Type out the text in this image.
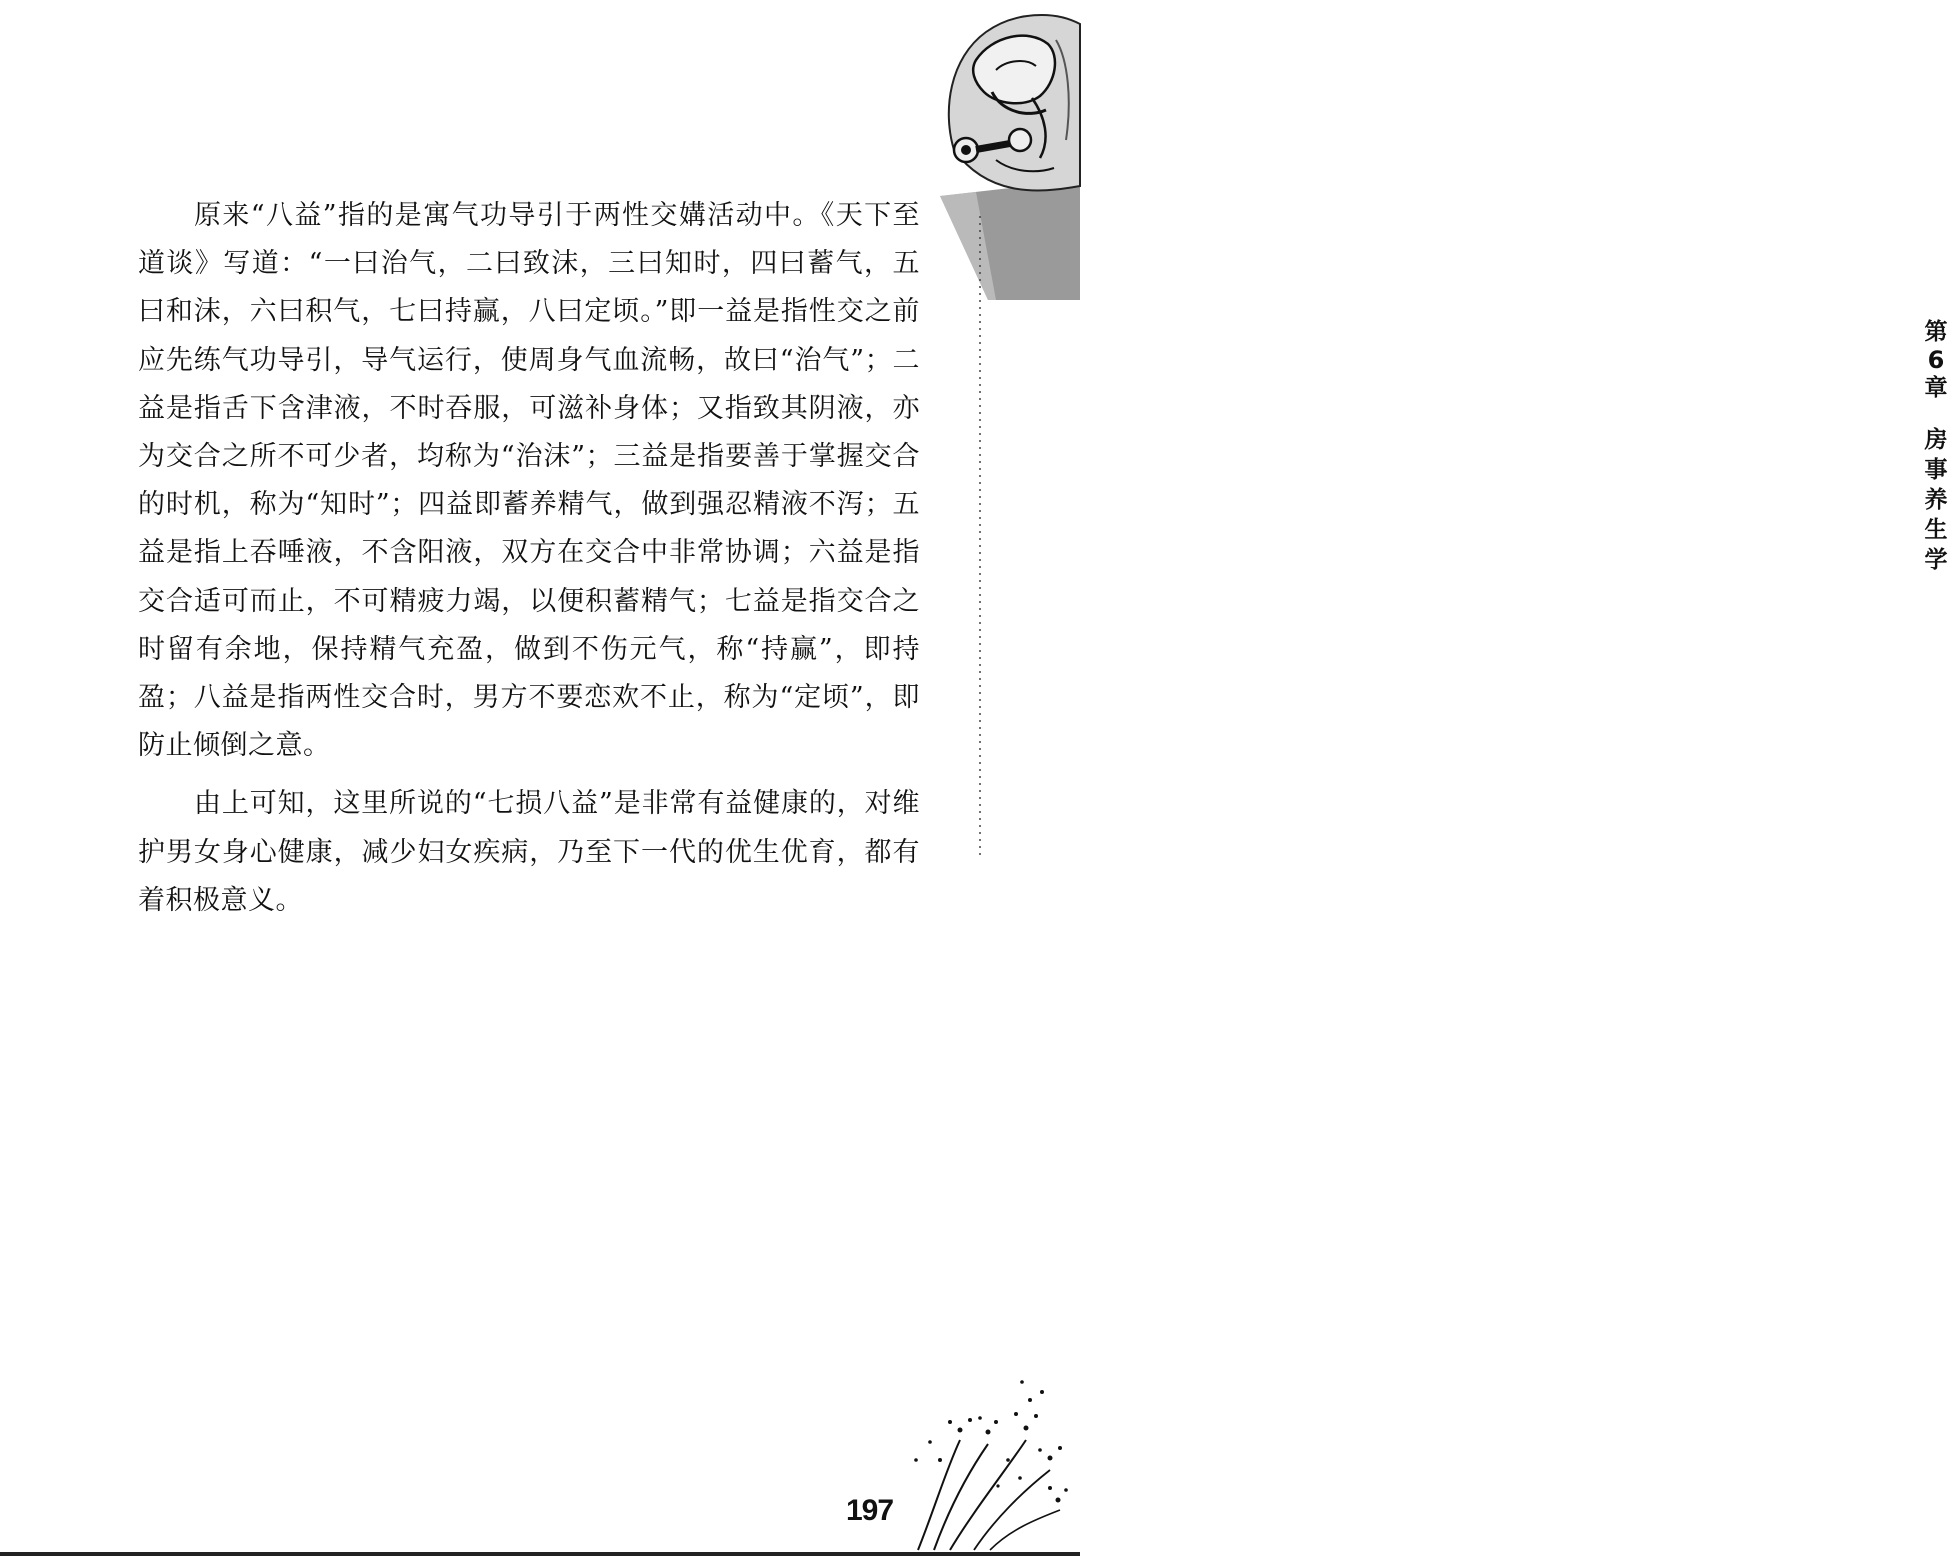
第
6
章
房
事
养
生
学

原来“八益”指的是寓气功导引于两性交媾活动中。《天下至道谈》写道：“一曰治气，二曰致沫，三曰知时，四曰蓄气，五曰和沫，六曰积气，七曰持赢，八曰定顷。”即一益是指性交之前应先练气功导引，导气运行，使周身气血流畅，故曰“治气”；二益是指舌下含津液，不时吞服，可滋补身体；又指致其阴液，亦为交合之所不可少者，均称为“治沫”；三益是指要善于掌握交合的时机，称为“知时”；四益即蓄养精气，做到强忍精液不泻；五益是指上吞唾液，不含阳液，双方在交合中非常协调；六益是指交合适可而止，不可精疲力竭，以便积蓄精气；七益是指交合之时留有余地，保持精气充盈，做到不伤元气，称“持赢”，即持盈；八益是指两性交合时，男方不要恋欢不止，称为“定顷”，即防止倾倒之意。

由上可知，这里所说的“七损八益”是非常有益健康的，对维护男女身心健康，减少妇女疾病，乃至下一代的优生优育，都有着积极意义。

197
